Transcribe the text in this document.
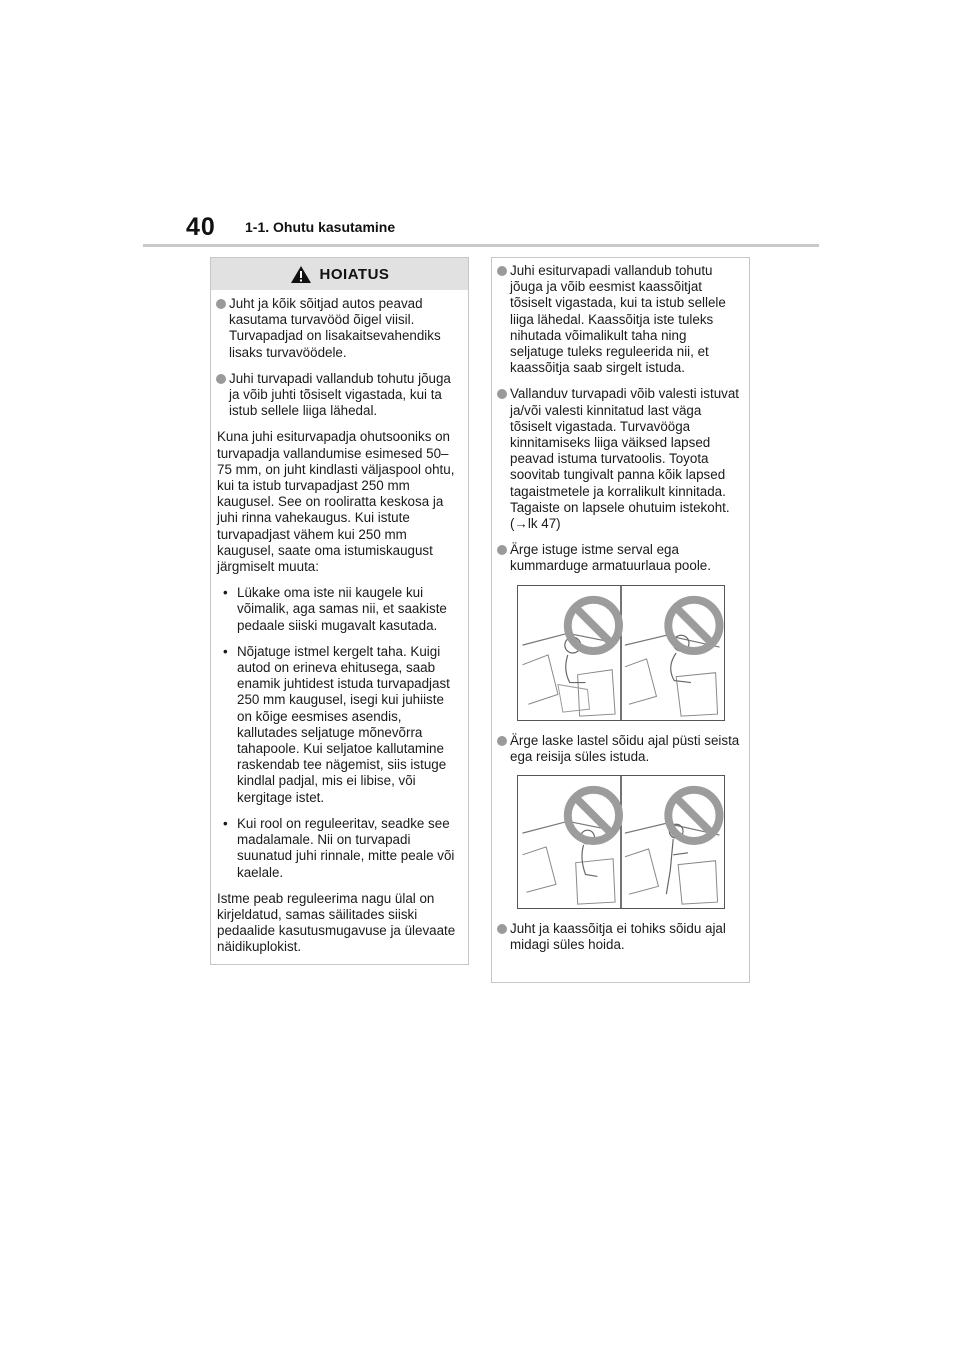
40 1-1. Ohutu kasutamine
HOIATUS
Juht ja kõik sõitjad autos peavad kasutama turvavööd õigel viisil. Turvapadjad on lisakaitsevahendiks lisaks turvavöödele.
Juhi turvapadi vallandub tohutu jõuga ja võib juhti tõsiselt vigastada, kui ta istub sellele liiga lähedal.
Kuna juhi esiturvapadja ohutsooniks on turvapadja vallandumise esimesed 50–75 mm, on juht kindlasti väljaspool ohtu, kui ta istub turvapadjast 250 mm kaugusel. See on rooliratta keskosa ja juhi rinna vahekaugus. Kui istute turvapadjast vähem kui 250 mm kaugusel, saate oma istumiskaugust järgmiselt muuta:
• Lükake oma iste nii kaugele kui võimalik, aga samas nii, et saakiste pedaale siiski mugavalt kasutada.
• Nõjatuge istmel kergelt taha. Kuigi autod on erineva ehitusega, saab enamik juhtidest istuda turvapadjast 250 mm kaugusel, isegi kui juhiiste on kõige eesmises asendis, kallutades seljatuge mõnevõrra tahapoole. Kui seljatoe kallutamine raskendab tee nägemist, siis istuge kindlal padjal, mis ei libise, või kergitage istet.
• Kui rool on reguleeritav, seadke see madalamale. Nii on turvapadi suunatud juhi rinnale, mitte peale või kaelale.
Istme peab reguleerima nagu ülal on kirjeldatud, samas säilitades siiski pedaalide kasutusmugavuse ja ülevaate näidikuplokist.
Juhi esiturvapadi vallandub tohutu jõuga ja võib eesmist kaassõitjat tõsiselt vigastada, kui ta istub sellele liiga lähedal. Kaassõitja iste tuleks nihutada võimalikult taha ning seljatuge tuleks reguleerida nii, et kaassõitja saab sirgelt istuda.
Vallanduv turvapadi võib valesti istuvat ja/või valesti kinnitatud last väga tõsiselt vigastada. Turvavööga kinnitamiseks liiga väiksed lapsed peavad istuma turvatoolis. Toyota soovitab tungivalt panna kõik lapsed tagaistmetele ja korralikult kinnitada. Tagaiste on lapsele ohutuim istekoht. (→lk 47)
Ärge istuge istme serval ega kummarduge armatuurlaua poole.
Ärge laske lastel sõidu ajal püsti seista ega reisija süles istuda.
Juht ja kaassõitja ei tohiks sõidu ajal midagi süles hoida.
